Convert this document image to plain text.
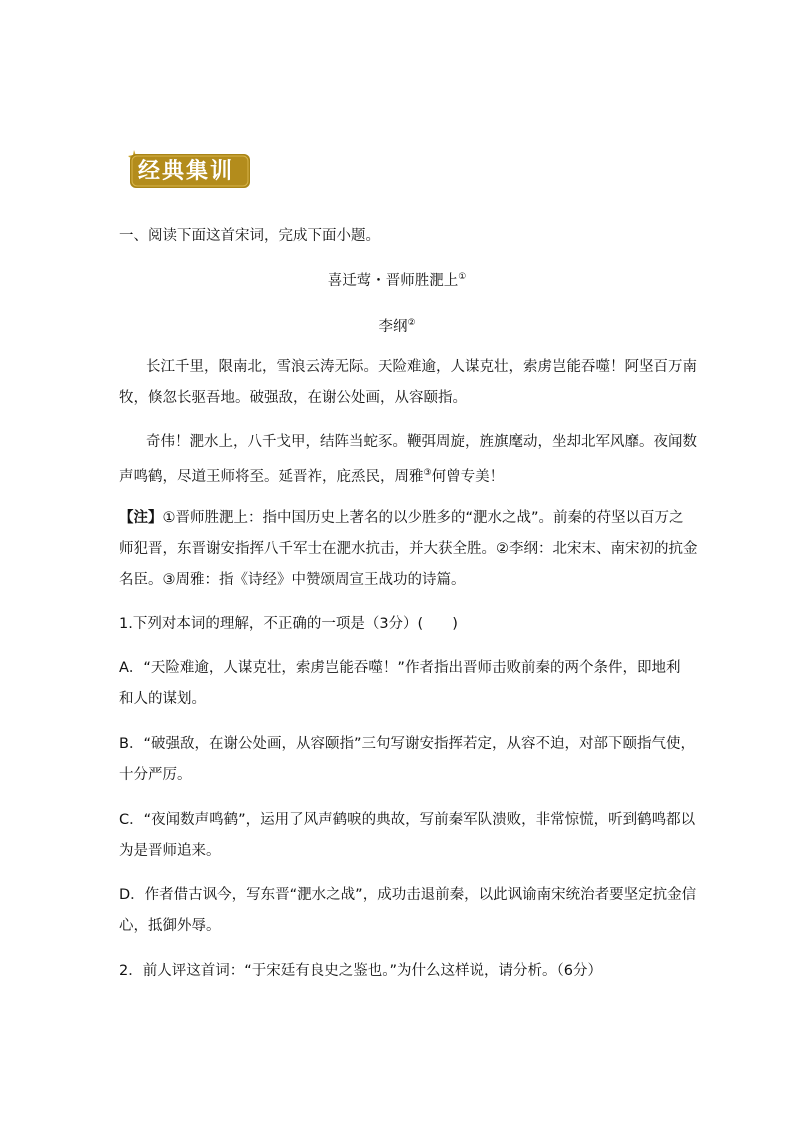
经典集训
一、阅读下面这首宋词，完成下面小题。
喜迁莺・晋师胜淝上①
李纲②
长江千里，限南北，雪浪云涛无际。天险难逾，人谋克壮，索虏岂能吞噬！阿坚百万南
牧，倏忽长驱吾地。破强敌，在谢公处画，从容颐指。
奇伟！淝水上，八千戈甲，结阵当蛇豕。鞭弭周旋，旌旗麾动，坐却北军风靡。夜闻数
声鸣鹤，尽道王师将至。延晋祚，庇烝民，周雅③何曾专美！
【注】①晋师胜淝上：指中国历史上著名的以少胜多的“淝水之战”。前秦的苻坚以百万之
师犯晋，东晋谢安指挥八千军士在淝水抗击，并大获全胜。②李纲：北宋末、南宋初的抗金
名臣。③周雅：指《诗经》中赞颂周宣王战功的诗篇。
1.下列对本词的理解，不正确的一项是（3分）(　　)
A．“天险难逾，人谋克壮，索虏岂能吞噬！”作者指出晋师击败前秦的两个条件，即地利
和人的谋划。
B．“破强敌，在谢公处画，从容颐指”三句写谢安指挥若定，从容不迫，对部下颐指气使，
十分严厉。
C．“夜闻数声鸣鹤”，运用了风声鹤唳的典故，写前秦军队溃败，非常惊慌，听到鹤鸣都以
为是晋师追来。
D．作者借古讽今，写东晋“淝水之战”，成功击退前秦，以此讽谕南宋统治者要坚定抗金信
心，抵御外辱。
2．前人评这首词：“于宋廷有良史之鉴也。”为什么这样说，请分析。（6分）
